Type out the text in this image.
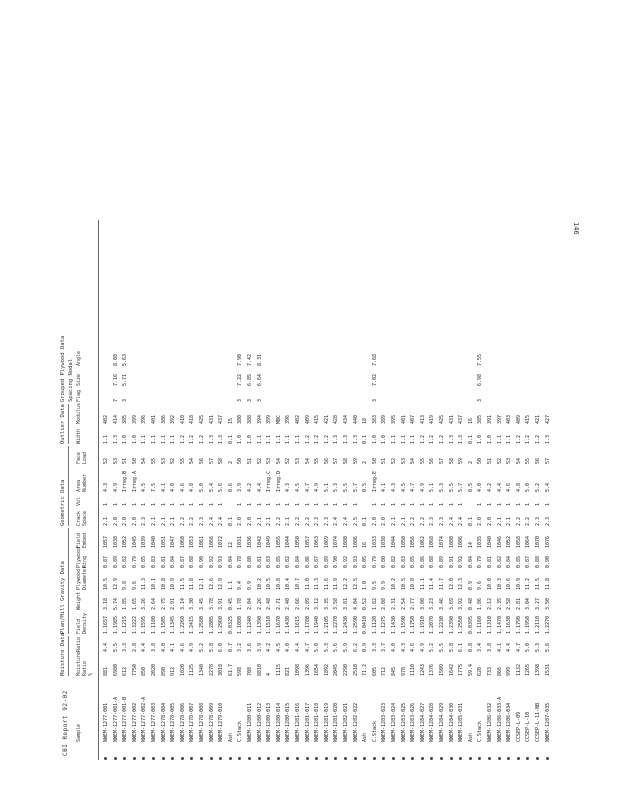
146
CBI Report 92-02
Moisture Data
Plan/Mill Gravity Data
Geometric Data
Outlier Data
Grouped Plywood Data Spacing Nodal
Sample
Moisture
Ratio
%
Ratio
Field
Density
Weight
Plywood
Diameter
Plywood
Ring
Field
Embed
Crack
Space
Vol
Area
Number
Face
Load
Width
Modulus
Flag
Size
Angle
NWEM-1277-001
881
4.4
1.1657
3.18
10.5
0.87
1057
2.1
1
4.3
52
1.1
402
NWEM-1277-001-A
6980
5.5
1.1985
5.74
12.9
0.89
1038
2.0
1
4.9
53
1.3
414
7
7.16
8.08
NWEM-1277-001-B
612
3.3
1.1215
1.85
9.8
0.82
1052
2.0
1
Irreg.B
51
1.0
385
3
5.71
5.63
NWEM-1277-002
7750
2.8
1.3222
1.65
9.6
0.79
1045
2.0
1
Irreg.A
50
1.0
399
NWEM-1277-002-A
850
4.4
1.1595
3.26
11.3
0.85
1039
2.3
1
4.5
54
1.1
396
NWEM-1277-003
2020
3.8
1.1180
2.64
10.1
0.83
1040
2.1
1
7.5
55
1.1
401
NWEM-1278-004
890
4.0
1.1505
2.75
10.8
0.81
1051
2.1
1
4.1
53
1.1
386
NWEM-1278-005
912
4.1
1.1345
2.91
10.9
0.84
1047
2.1
1
4.0
52
1.1
392
NWEM-1278-006
1020
4.6
1.2260
3.14
11.5
0.87
1060
2.2
1
4.6
55
1.2
410
NWEM-1278-007
1125
4.9
1.2415
3.30
11.8
0.88
1053
2.2
1
4.8
54
1.2
418
NWEM-1278-008
1340
5.2
1.2580
3.45
12.1
0.90
1061
2.3
1
5.0
56
1.2
425
NWEM-1278-009
2278
5.8
1.2805
3.78
12.6
0.92
1066
2.4
1
5.4
57
1.3
431
NWEM-1279-010
3018
6.0
1.2960
3.91
12.9
0.93
1072
2.4
1
5.6
58
1.3
437
Ash
61.7
0.7
0.0325
0.45
1.1
0.04
12
0.1
0.6
2
0.1
15
C.Stack
598
3.2
1.1080
1.78
9.4
0.78
1031
2.0
1
3.9
50
1.0
380
3
7.22
7.90
NWEM-1280-011
708
3.6
1.1240
2.04
9.9
0.80
1036
2.0
1
4.2
51
1.0
388
3
6.85
7.42
NWEM-1280-012
8810
3.9
1.1390
2.26
10.2
0.81
1042
2.1
1
4.4
52
1.1
394
3
6.64
8.31
NWEM-1280-013
4
4.2
1.1510
2.48
10.5
0.83
1049
2.1
1
Irreg.C
53
1.1
399
NWEM-1280-014
1115
4.5
1.1670
2.71
10.8
0.85
1055
2.2
1
Irreg.D
54
1.1
MBC
NWEM-1280-015
821
4.0
1.1430
2.40
10.4
0.82
1044
2.1
1
4.3
52
1.1
396
NWEM-1281-016
1098
4.4
1.1615
2.66
10.7
0.84
1050
2.2
1
4.5
53
1.1
402
NWEM-1281-017
1396
4.7
1.1780
2.89
11.0
0.86
1057
2.2
1
4.7
54
1.2
409
NWEM-1281-018
1654
5.0
1.1940
3.12
11.3
0.87
1063
2.3
1
4.9
55
1.2
415
NWEM-1281-019
1892
5.3
1.2105
3.35
11.6
0.89
1069
2.3
1
5.1
56
1.2
421
NWEM-1281-020
2045
5.6
1.2270
3.58
11.9
0.90
1074
2.4
1
5.3
57
1.3
428
NWEM-1282-021
2290
5.9
1.2430
3.81
12.2
0.92
1080
2.4
1
5.5
58
1.3
434
NWEM-1282-022
2510
6.2
1.2590
4.04
12.5
0.93
1086
2.5
1
5.7
59
1.3
440
Ash
71.2
0.9
0.0410
0.52
1.0
0.05
16
0.1
0.5
2
0.1
18
C.Stack
605
3.3
1.1120
1.82
9.5
0.79
1033
2.0
1
Irreg.E
50
1.0
383
3
7.02
7.68
NWEM-1283-023
712
3.7
1.1275
2.08
9.9
0.80
1038
2.0
1
4.1
51
1.0
389
NWEM-1283-024
845
4.0
1.1430
2.31
10.2
0.82
1044
2.1
1
4.3
52
1.1
395
NWEM-1283-025
978
4.3
1.1590
2.54
10.5
0.83
1050
2.1
1
4.5
53
1.1
401
NWEM-1283-026
1110
4.6
1.1750
2.77
10.8
0.85
1056
2.2
1
4.7
54
1.1
407
NWEM-1284-027
1243
4.9
1.1910
3.00
11.1
0.86
1062
2.2
1
4.9
55
1.2
413
NWEM-1284-028
1376
5.2
1.2070
3.23
11.4
0.88
1068
2.3
1
5.1
56
1.2
419
NWEM-1284-029
1509
5.5
1.2230
3.46
11.7
0.89
1074
2.3
1
5.3
57
1.2
425
NWEM-1284-030
1642
5.8
1.2390
3.69
12.0
0.91
1080
2.4
1
5.5
58
1.3
431
NWEM-1285-031
1775
6.1
1.2550
3.92
12.3
0.92
1086
2.4
1
5.7
59
1.3
437
Ash
59.4
0.8
0.0395
0.48
0.9
0.04
14
0.1
0.5
2
0.1
16
C.Stack
620
3.4
1.1160
1.86
9.6
0.79
1035
2.0
1
4.0
50
1.0
385
3
6.98
7.55
NWEM-1286-032
733
3.8
1.1310
2.12
10.0
0.81
1040
2.0
1
4.2
51
1.0
391
NWEM-1286-033-A
866
4.1
1.1470
2.35
10.3
0.82
1046
2.1
1
4.4
52
1.1
397
NWEM-1286-034
999
4.4
1.1630
2.58
10.6
0.84
1052
2.1
1
4.6
53
1.1
403
CCSEP-L-09
1132
4.7
1.1790
2.81
10.9
0.85
1058
2.2
1
4.8
54
1.2
409
CCSEP-L-10
1265
5.0
1.1950
3.04
11.2
0.87
1064
2.2
1
5.0
55
1.2
415
CCSEP-L-11-NB
1398
5.3
1.2110
3.27
11.5
0.88
1070
2.3
1
5.2
56
1.2
421
NWEM-1287-035
1531
5.6
1.2270
3.50
11.8
0.90
1076
2.3
1
5.4
57
1.3
427
